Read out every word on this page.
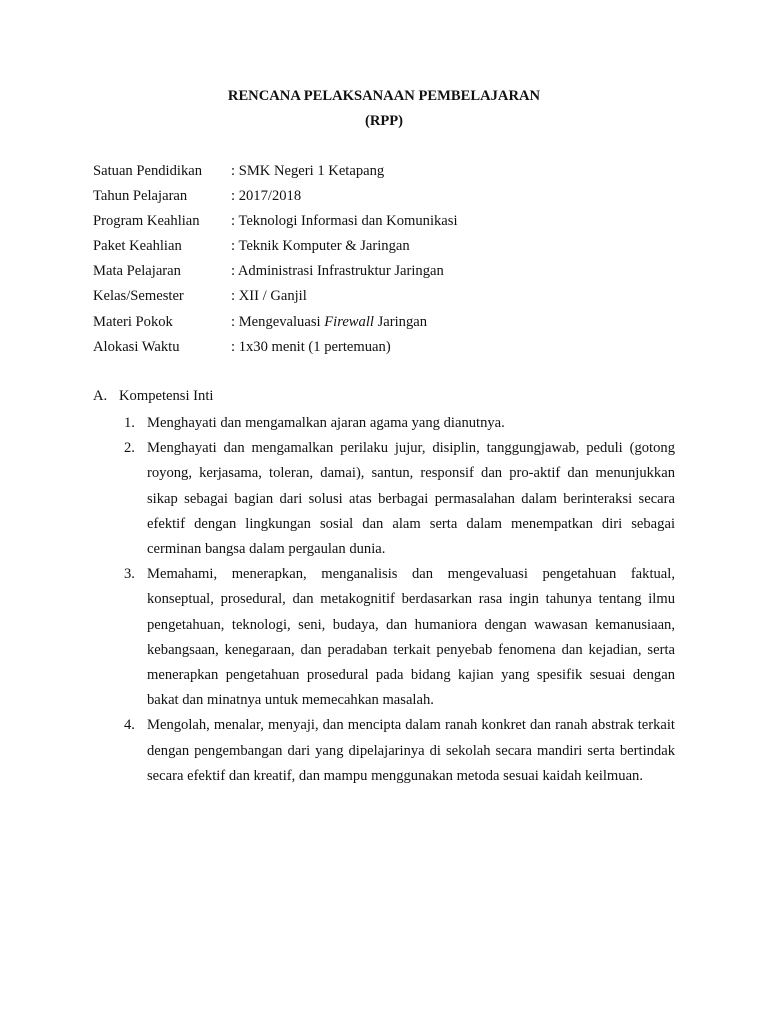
RENCANA PELAKSANAAN PEMBELAJARAN
(RPP)
Satuan Pendidikan	: SMK Negeri 1 Ketapang
Tahun Pelajaran	: 2017/2018
Program Keahlian	: Teknologi Informasi dan Komunikasi
Paket Keahlian	: Teknik Komputer & Jaringan
Mata Pelajaran	: Administrasi Infrastruktur Jaringan
Kelas/Semester	: XII / Ganjil
Materi Pokok	: Mengevaluasi Firewall Jaringan
Alokasi Waktu	: 1x30 menit (1 pertemuan)
A. Kompetensi Inti
1. Menghayati dan mengamalkan ajaran agama yang dianutnya.
2. Menghayati dan mengamalkan perilaku jujur, disiplin, tanggungjawab, peduli (gotong royong, kerjasama, toleran, damai), santun, responsif dan pro-aktif dan menunjukkan sikap sebagai bagian dari solusi atas berbagai permasalahan dalam berinteraksi secara efektif dengan lingkungan sosial dan alam serta dalam menempatkan diri sebagai cerminan bangsa dalam pergaulan dunia.
3. Memahami, menerapkan, menganalisis dan mengevaluasi pengetahuan faktual, konseptual, prosedural, dan metakognitif berdasarkan rasa ingin tahunya tentang ilmu pengetahuan, teknologi, seni, budaya, dan humaniora dengan wawasan kemanusiaan, kebangsaan, kenegaraan, dan peradaban terkait penyebab fenomena dan kejadian, serta menerapkan pengetahuan prosedural pada bidang kajian yang spesifik sesuai dengan bakat dan minatnya untuk memecahkan masalah.
4. Mengolah, menalar, menyaji, dan mencipta dalam ranah konkret dan ranah abstrak terkait dengan pengembangan dari yang dipelajarinya di sekolah secara mandiri serta bertindak secara efektif dan kreatif, dan mampu menggunakan metoda sesuai kaidah keilmuan.
